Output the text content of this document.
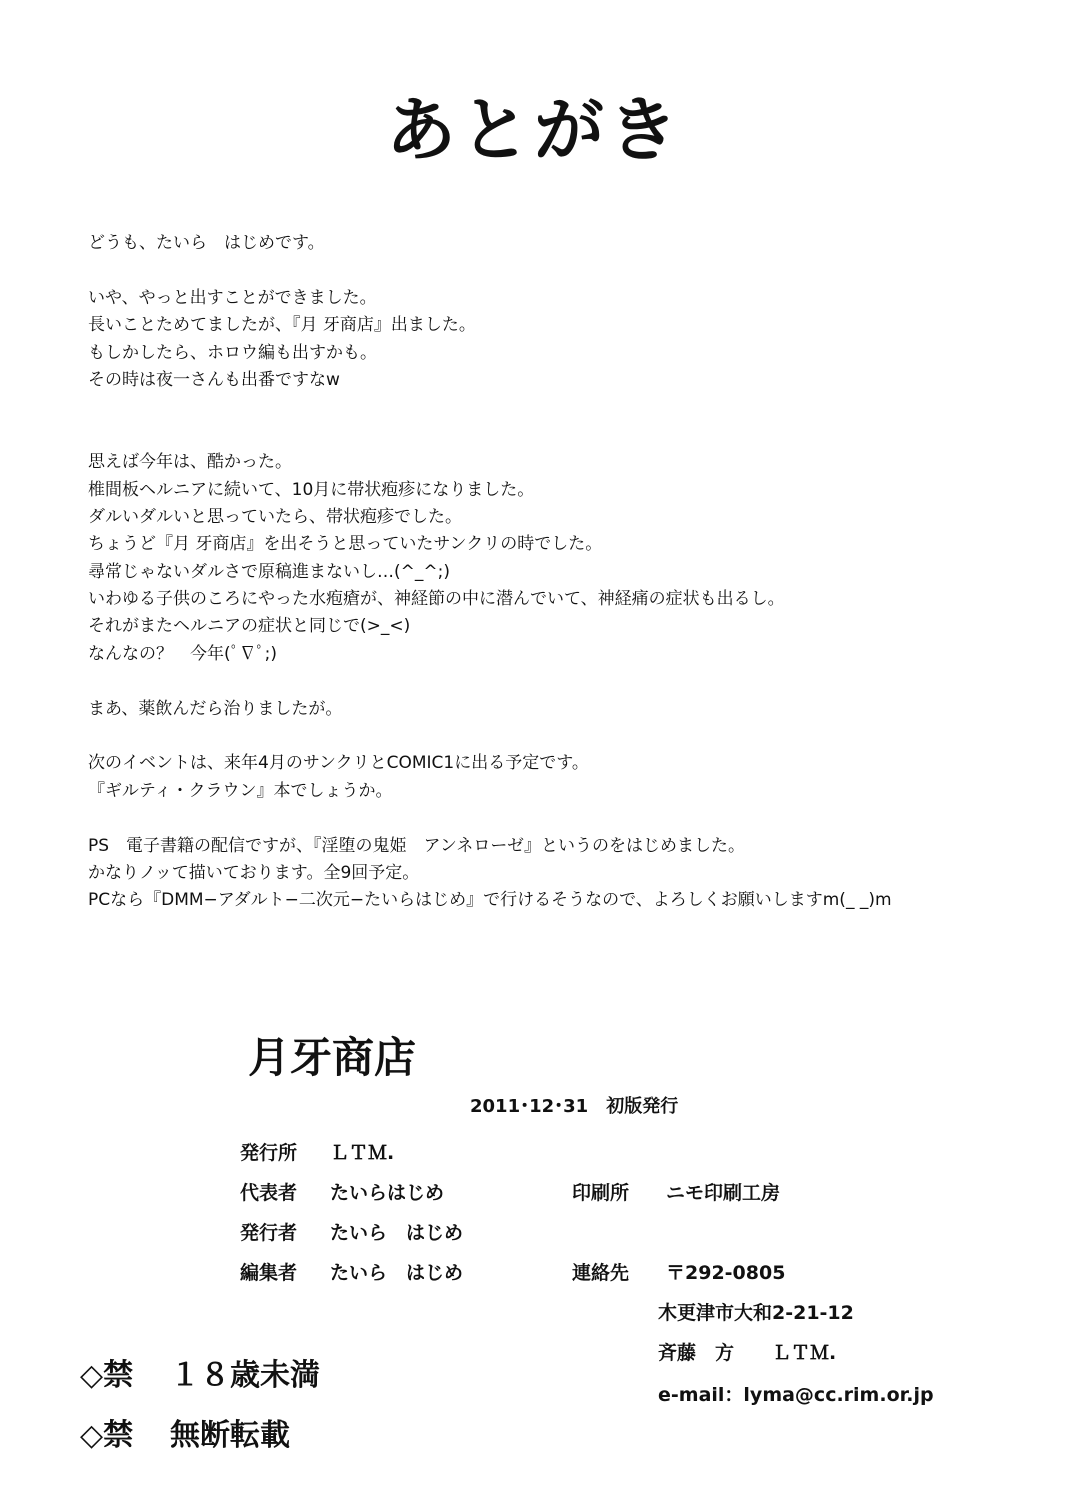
あとがき
どうも、たいら　はじめです。
いや、やっと出すことができました。
長いことためてましたが、『月 牙商店』出ました。
もしかしたら、ホロウ編も出すかも。
その時は夜一さんも出番ですなw
思えば今年は、酷かった。
椎間板ヘルニアに続いて、10月に帯状疱疹になりました。
ダルいダルいと思っていたら、帯状疱疹でした。
ちょうど『月 牙商店』を出そうと思っていたサンクリの時でした。
尋常じゃないダルさで原稿進まないし…(^_^;)
いわゆる子供のころにやった水疱瘡が、神経節の中に潜んでいて、神経痛の症状も出るし。
それがまたヘルニアの症状と同じで(>_<)
なんなの？　今年(ﾟ∇ﾟ;)
まあ、薬飲んだら治りましたが。
次のイベントは、来年4月のサンクリとCOMIC1に出る予定です。
『ギルティ・クラウン』本でしょうか。
PS　電子書籍の配信ですが、『淫堕の鬼姫　アンネローゼ』というのをはじめました。
かなりノッて描いております。全9回予定。
PCなら『DMM−アダルト−二次元−たいらはじめ』で行けるそうなので、よろしくお願いしますm(_ _)m
月牙商店
2011･12･31　初版発行
発行所 ＬＴＭ.
代表者 たいらはじめ
発行者 たいら　はじめ
編集者 たいら　はじめ
印刷所 ニモ印刷工房
連絡先 〒292-0805
木更津市大和2-21-12
斉藤　方　　ＬＴＭ.
e-mail：lyma@cc.rim.or.jp
◇禁 １８歳未満
◇禁 無断転載
